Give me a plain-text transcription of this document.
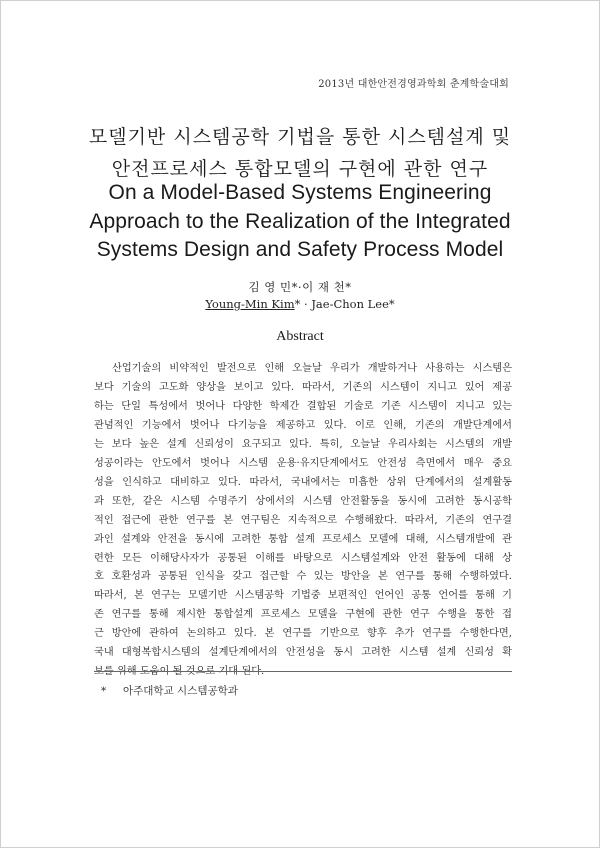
2013년 대한안전경영과학회 춘계학술대회
모델기반 시스템공학 기법을 통한 시스템설계 및
안전프로세스 통합모델의 구현에 관한 연구
On a Model-Based Systems Engineering
Approach to the Realization of the Integrated
Systems Design and Safety Process Model
김 영 민*·이 재 천*
Young-Min Kim* · Jae-Chon Lee*
Abstract
산업기술의 비약적인 발전으로 인해 오늘날 우리가 개발하거나 사용하는 시스템은
보다 기술의 고도화 양상을 보이고 있다. 따라서, 기존의 시스템이 지니고 있어 제공
하는 단일 특성에서 벗어나 다양한 학제간 결합된 기술로 기존 시스템이 지니고 있는
관념적인 기능에서 벗어나 다기능을 제공하고 있다. 이로 인해, 기존의 개발단계에서
는 보다 높은 설계 신뢰성이 요구되고 있다. 특히, 오늘날 우리사회는 시스템의 개발
성공이라는 안도에서 벗어나 시스템 운용·유지단계에서도 안전성 측면에서 매우 중요
성을 인식하고 대비하고 있다. 따라서, 국내에서는 미흡한 상위 단계에서의 설계활동
과 또한, 같은 시스템 수명주기 상에서의 시스템 안전활동을 동시에 고려한 동시공학
적인 접근에 관한 연구를 본 연구팀은 지속적으로 수행해왔다. 따라서, 기존의 연구결
과인 설계와 안전을 동시에 고려한 통합 설계 프로세스 모델에 대해, 시스템개발에 관
련한 모든 이해당사자가 공통된 이해를 바탕으로 시스템설계와 안전 활동에 대해 상
호 호환성과 공통된 인식을 갖고 접근할 수 있는 방안을 본 연구를 통해 수행하였다.
따라서, 본 연구는 모델기반 시스템공학 기법중 보편적인 언어인 공통 언어를 통해 기
존 연구를 통해 제시한 통합설계 프로세스 모델을 구현에 관한 연구 수행을 통한 접
근 방안에 관하여 논의하고 있다. 본 연구를 기반으로 향후 추가 연구를 수행한다면,
국내 대형복합시스템의 설계단계에서의 안전성을 동시 고려한 시스템 설계 신뢰성 확
보를 위해 도움이 될 것으로 기대 된다.
* 아주대학교 시스템공학과
